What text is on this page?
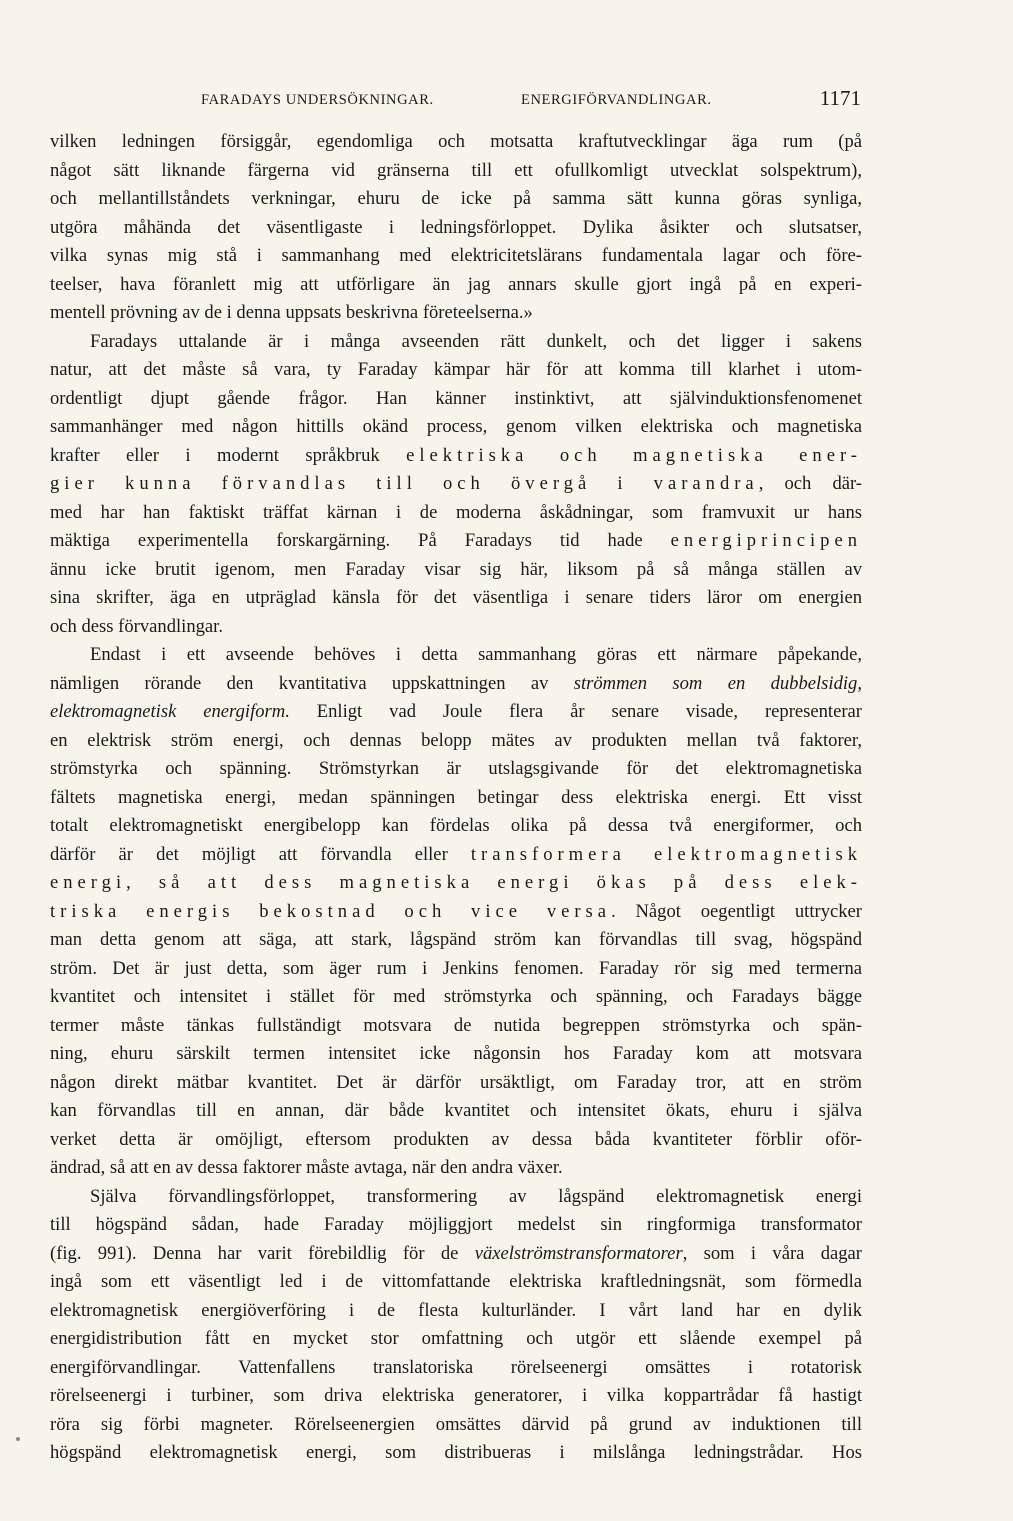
FARADAYS UNDERSÖKNINGAR.	ENERGIFÖRVANDLINGAR.	1171
vilken ledningen försiggår, egendomliga och motsatta kraftutvecklingar äga rum (på
något sätt liknande färgerna vid gränserna till ett ofullkomligt utvecklat solspektrum),
och mellantillståndets verkningar, ehuru de icke på samma sätt kunna göras synliga,
utgöra måhända det väsentligaste i ledningsförloppet. Dylika åsikter och slutsatser,
vilka synas mig stå i sammanhang med elektricitetslärans fundamentala lagar och före-
teelser, hava föranlett mig att utförligare än jag annars skulle gjort ingå på en experi-
mentell prövning av de i denna uppsats beskrivna företeelserna.»
Faradays uttalande är i många avseenden rätt dunkelt, och det ligger i sakens
natur, att det måste så vara, ty Faraday kämpar här för att komma till klarhet i utom-
ordentligt djupt gående frågor. Han känner instinktivt, att självinduktionsfenomenet
sammanhänger med någon hittills okänd process, genom vilken elektriska och magnetiska
krafter eller i modernt språkbruk elektriska och magnetiska ener-
gier kunna förvandlas till och övergå i varandra, och där-
med har han faktiskt träffat kärnan i de moderna åskådningar, som framvuxit ur hans
mäktiga experimentella forskargärning. På Faradays tid hade energiprincipen
ännu icke brutit igenom, men Faraday visar sig här, liksom på så många ställen av
sina skrifter, äga en utpräglad känsla för det väsentliga i senare tiders läror om energien
och dess förvandlingar.
Endast i ett avseende behöves i detta sammanhang göras ett närmare påpekande,
nämligen rörande den kvantitativa uppskattningen av strömmen som en dubbelsidig,
elektromagnetisk energiform. Enligt vad Joule flera år senare visade, representerar
en elektrisk ström energi, och dennas belopp mätes av produkten mellan två faktorer,
strömstyrka och spänning. Strömstyrkan är utslagsgivande för det elektromagnetiska
fältets magnetiska energi, medan spänningen betingar dess elektriska energi. Ett visst
totalt elektromagnetiskt energibelopp kan fördelas olika på dessa två energiformer, och
därför är det möjligt att förvandla eller transformera elektromagnetisk
energi, så att dess magnetiska energi ökas på dess elek-
triska energis bekostnad och vice versa. Något oegentligt uttrycker
man detta genom att säga, att stark, lågspänd ström kan förvandlas till svag, högspänd
ström. Det är just detta, som äger rum i Jenkins fenomen. Faraday rör sig med termerna
kvantitet och intensitet i stället för med strömstyrka och spänning, och Faradays bägge
termer måste tänkas fullständigt motsvara de nutida begreppen strömstyrka och spän-
ning, ehuru särskilt termen intensitet icke någonsin hos Faraday kom att motsvara
någon direkt mätbar kvantitet. Det är därför ursäktligt, om Faraday tror, att en ström
kan förvandlas till en annan, där både kvantitet och intensitet ökats, ehuru i själva
verket detta är omöjligt, eftersom produkten av dessa båda kvantiteter förblir oför-
ändrad, så att en av dessa faktorer måste avtaga, när den andra växer.
Själva förvandlingsförloppet, transformering av lågspänd elektromagnetisk energi
till högspänd sådan, hade Faraday möjliggjort medelst sin ringformiga transformator
(fig. 991). Denna har varit förebildlig för de växelströmstransformatorer, som i våra dagar
ingå som ett väsentligt led i de vittomfattande elektriska kraftledningsnät, som förmedla
elektromagnetisk energiöverföring i de flesta kulturländer. I vårt land har en dylik
energidistribution fått en mycket stor omfattning och utgör ett slående exempel på
energiförvandlingar. Vattenfallens translatoriska rörelseenergi omsättes i rotatorisk
rörelseenergi i turbiner, som driva elektriska generatorer, i vilka koppartrådar få hastigt
röra sig förbi magneter. Rörelseenergien omsättes därvid på grund av induktionen till
högspänd elektromagnetisk energi, som distribueras i milslånga ledningstrådar. Hos
